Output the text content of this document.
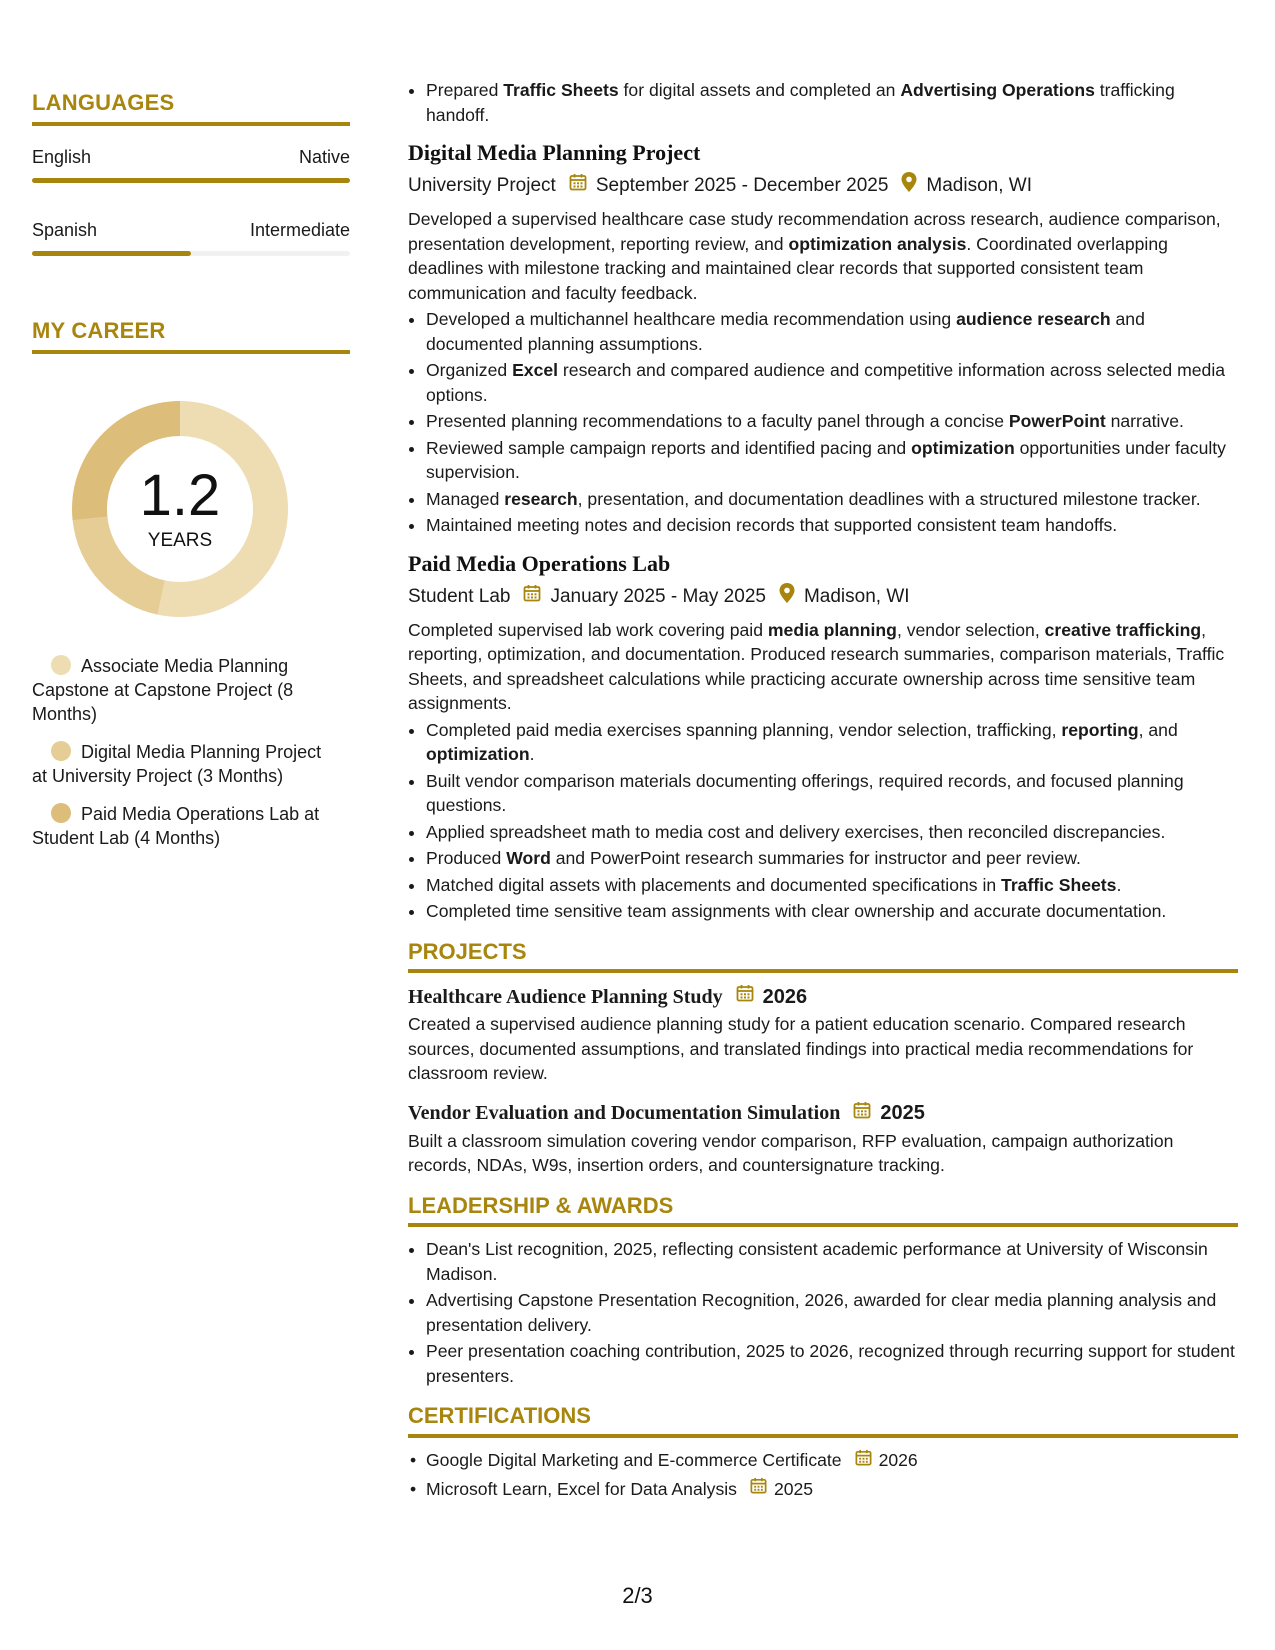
LANGUAGES
English	Native
Spanish	Intermediate
MY CAREER
1.2
YEARS
Associate Media Planning Capstone at Capstone Project (8 Months)
Digital Media Planning Project at University Project (3 Months)
Paid Media Operations Lab at Student Lab (4 Months)
• Prepared Traffic Sheets for digital assets and completed an Advertising Operations trafficking handoff.
Digital Media Planning Project
University Project September 2025 - December 2025 Madison, WI

Developed a supervised healthcare case study recommendation across research, audience comparison, presentation development, reporting review, and optimization analysis. Coordinated overlapping deadlines with milestone tracking and maintained clear records that supported consistent team communication and faculty feedback.

• Developed a multichannel healthcare media recommendation using audience research and documented planning assumptions.
• Organized Excel research and compared audience and competitive information across selected media options.
• Presented planning recommendations to a faculty panel through a concise PowerPoint narrative.
• Reviewed sample campaign reports and identified pacing and optimization opportunities under faculty supervision.
• Managed research, presentation, and documentation deadlines with a structured milestone tracker.
• Maintained meeting notes and decision records that supported consistent team handoffs.
Paid Media Operations Lab
Student Lab January 2025 - May 2025 Madison, WI

Completed supervised lab work covering paid media planning, vendor selection, creative trafficking, reporting, optimization, and documentation. Produced research summaries, comparison materials, Traffic Sheets, and spreadsheet calculations while practicing accurate ownership across time sensitive team assignments.

• Completed paid media exercises spanning planning, vendor selection, trafficking, reporting, and optimization.
• Built vendor comparison materials documenting offerings, required records, and focused planning questions.
• Applied spreadsheet math to media cost and delivery exercises, then reconciled discrepancies.
• Produced Word and PowerPoint research summaries for instructor and peer review.
• Matched digital assets with placements and documented specifications in Traffic Sheets.
• Completed time sensitive team assignments with clear ownership and accurate documentation.
PROJECTS
Healthcare Audience Planning Study 2026

Created a supervised audience planning study for a patient education scenario. Compared research sources, documented assumptions, and translated findings into practical media recommendations for classroom review.

Vendor Evaluation and Documentation Simulation 2025

Built a classroom simulation covering vendor comparison, RFP evaluation, campaign authorization records, NDAs, W9s, insertion orders, and countersignature tracking.

LEADERSHIP & AWARDS
• Dean's List recognition, 2025, reflecting consistent academic performance at University of Wisconsin Madison.
• Advertising Capstone Presentation Recognition, 2026, awarded for clear media planning analysis and presentation delivery.
• Peer presentation coaching contribution, 2025 to 2026, recognized through recurring support for student presenters.
CERTIFICATIONS
• Google Digital Marketing and E-commerce Certificate 2026
• Microsoft Learn, Excel for Data Analysis 2025
2/3
